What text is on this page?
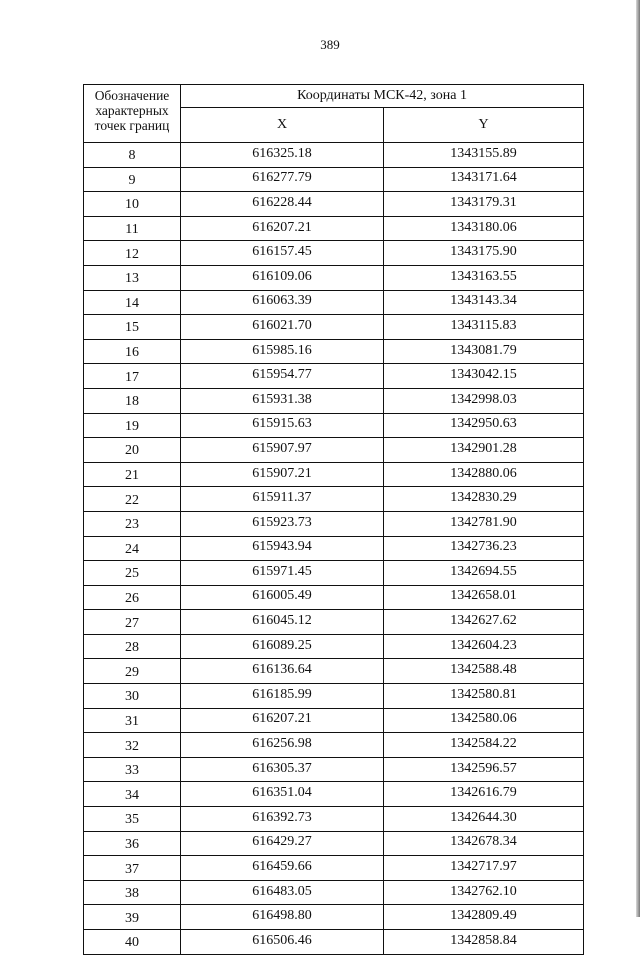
389
Обозначение характерных точек границ	Координаты МСК-42, зона 1	
	X	Y
8	616325.18	1343155.89
9	616277.79	1343171.64
10	616228.44	1343179.31
11	616207.21	1343180.06
12	616157.45	1343175.90
13	616109.06	1343163.55
14	616063.39	1343143.34
15	616021.70	1343115.83
16	615985.16	1343081.79
17	615954.77	1343042.15
18	615931.38	1342998.03
19	615915.63	1342950.63
20	615907.97	1342901.28
21	615907.21	1342880.06
22	615911.37	1342830.29
23	615923.73	1342781.90
24	615943.94	1342736.23
25	615971.45	1342694.55
26	616005.49	1342658.01
27	616045.12	1342627.62
28	616089.25	1342604.23
29	616136.64	1342588.48
30	616185.99	1342580.81
31	616207.21	1342580.06
32	616256.98	1342584.22
33	616305.37	1342596.57
34	616351.04	1342616.79
35	616392.73	1342644.30
36	616429.27	1342678.34
37	616459.66	1342717.97
38	616483.05	1342762.10
39	616498.80	1342809.49
40	616506.46	1342858.84
